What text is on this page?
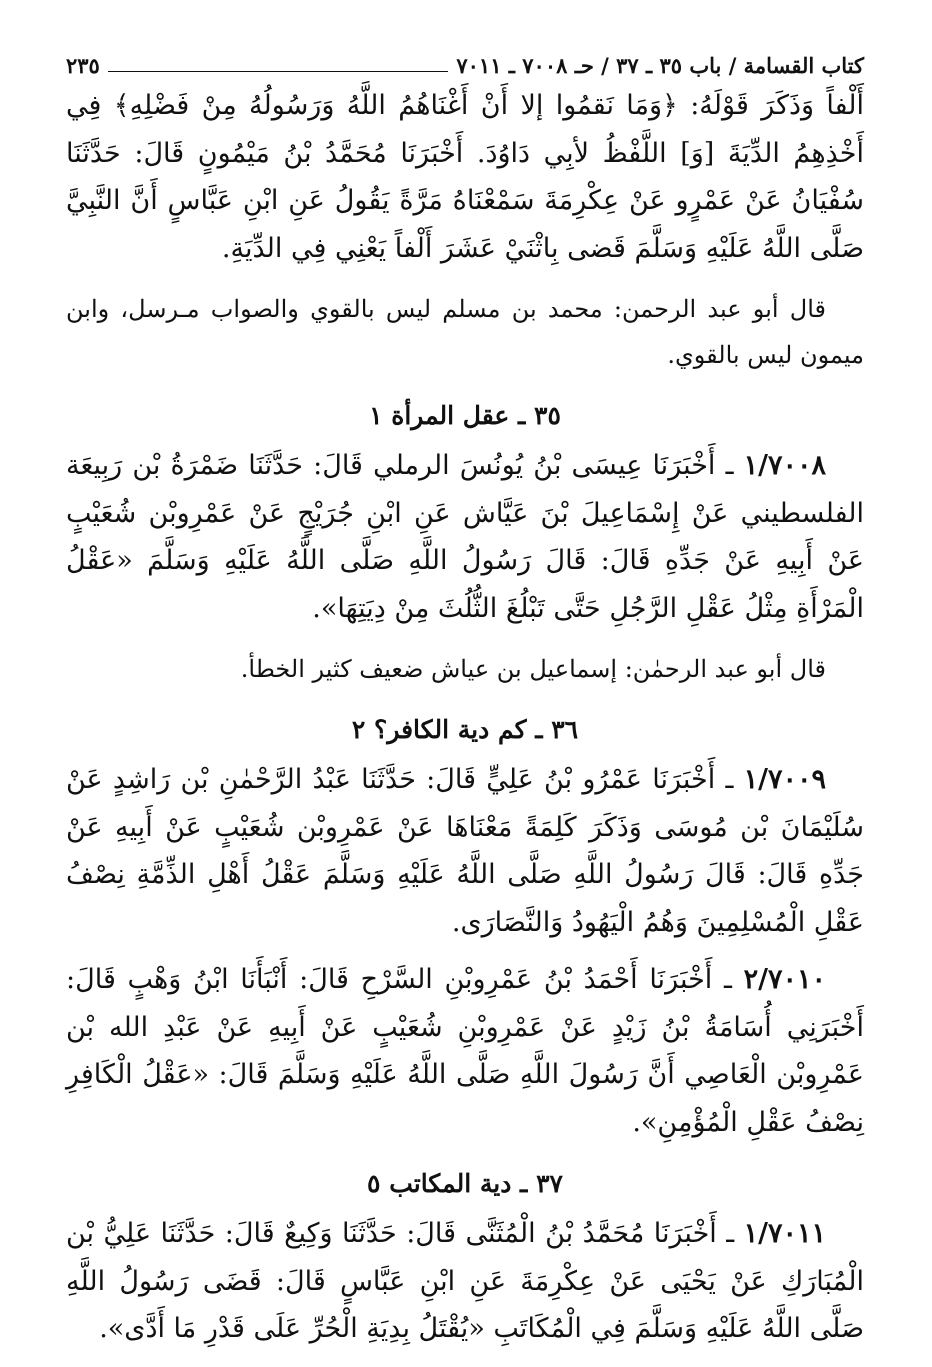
كتاب القسامة / باب ٣٥ ـ ٣٧ / حـ ٧٠٠٨ ـ ٧٠١١
٢٣٥

أَلْفاً وَذَكَرَ قَوْلَهُ: ﴿وَمَا نَقمُوا إلا أَنْ أَغْنَاهُمُ اللَّهُ وَرَسُولُهُ مِنْ فَضْلِهِ﴾ فِي أَخْذِهِمُ الدِّيَةَ [وَ] اللَّفْظُ لأبِي دَاوُدَ. أَخْبَرَنَا مُحَمَّدُ بْنُ مَيْمُونٍ قَالَ: حَدَّثَنَا سُفْيَانُ عَنْ عَمْرٍو عَنْ عِكْرِمَةَ سَمْعْنَاهُ مَرَّةً يَقُولُ عَنِ ابْنِ عَبَّاسٍ أَنَّ النَّبِيَّ صَلَّى اللَّهُ عَلَيْهِ وَسَلَّمَ قَضى بِاثْنَيْ عَشَرَ أَلْفاً يَعْنِي فِي الدِّيَةِ.

قال أبو عبد الرحمن: محمد بن مسلم ليس بالقوي والصواب مـرسل، وابن ميمون ليس بالقوي.

٣٥ ـ عقل المرأة ١

١/٧٠٠٨ ـ أَخْبَرَنَا عِيسَى بْنُ يُونُسَ الرملي قَالَ: حَدَّثَنَا ضَمْرَةُ بْن رَبِيعَة الفلسطيني عَنْ إِسْمَاعِيلَ بْنَ عَيَّاش عَنِ ابْنِ جُرَيْجٍ عَنْ عَمْرِوبْن شُعَيْبٍ عَنْ أَبِيهِ عَنْ جَدِّهِ قَالَ: قَالَ رَسُولُ اللَّهِ صَلَّى اللَّهُ عَلَيْهِ وَسَلَّمَ «عَقْلُ الْمَرْأَةِ مِثْلُ عَقْلِ الرَّجُلِ حَتَّى تَبْلُغَ الثُّلُثَ مِنْ دِيَتِهَا».

قال أبو عبد الرحمٰن: إسماعيل بن عياش ضعيف كثير الخطأ.

٣٦ ـ كم دية الكافر؟ ٢

١/٧٠٠٩ ـ أَخْبَرَنَا عَمْرُو بْنُ عَلِيٍّ قَالَ: حَدَّثَنَا عَبْدُ الرَّحْمٰنِ بْن رَاشِدٍ عَنْ سُلَيْمَانَ بْن مُوسَى وَذَكَرَ كَلِمَةً مَعْنَاهَا عَنْ عَمْرِوبْن شُعَيْبٍ عَنْ أَبِيهِ عَنْ جَدِّهِ قَالَ: قَالَ رَسُولُ اللَّهِ صَلَّى اللَّهُ عَلَيْهِ وَسَلَّمَ عَقْلُ أَهْلِ الذِّمَّةِ نِصْفُ عَقْلِ الْمُسْلِمِينَ وَهُمُ الْيَهُودُ وَالنَّصَارَى.

٢/٧٠١٠ ـ أَخْبَرَنَا أَحْمَدُ بْنُ عَمْرِوبْنِ السَّرْحِ قَالَ: أَنْبَأَنَا ابْنُ وَهْبٍ قَالَ: أَخْبَرَنِي أُسَامَةُ بْنُ زَيْدٍ عَنْ عَمْرِوبْنِ شُعَيْبٍ عَنْ أَبِيهِ عَنْ عَبْدِ الله بْن عَمْرِوبْن الْعَاصِي أَنَّ رَسُولَ اللَّهِ صَلَّى اللَّهُ عَلَيْهِ وَسَلَّمَ قَالَ: «عَقْلُ الْكَافِرِ نِصْفُ عَقْلِ الْمُؤْمِنِ».

٣٧ ـ دية المكاتب ٥

١/٧٠١١ ـ أَخْبَرَنَا مُحَمَّدُ بْنُ الْمُثَنَّى قَالَ: حَدَّثَنَا وَكِيعٌ قَالَ: حَدَّثَنَا عَلِيُّ بْن الْمُبَارَكِ عَنْ يَحْيَى عَنْ عِكْرِمَةَ عَنِ ابْنِ عَبَّاسٍ قَالَ: قَضَى رَسُولُ اللَّهِ صَلَّى اللَّهُ عَلَيْهِ وَسَلَّمَ فِي الْمُكَاتَبِ «يُقْتَلُ بِدِيَةِ الْحُرِّ عَلَى قَدْرِ مَا أَدَّى».
